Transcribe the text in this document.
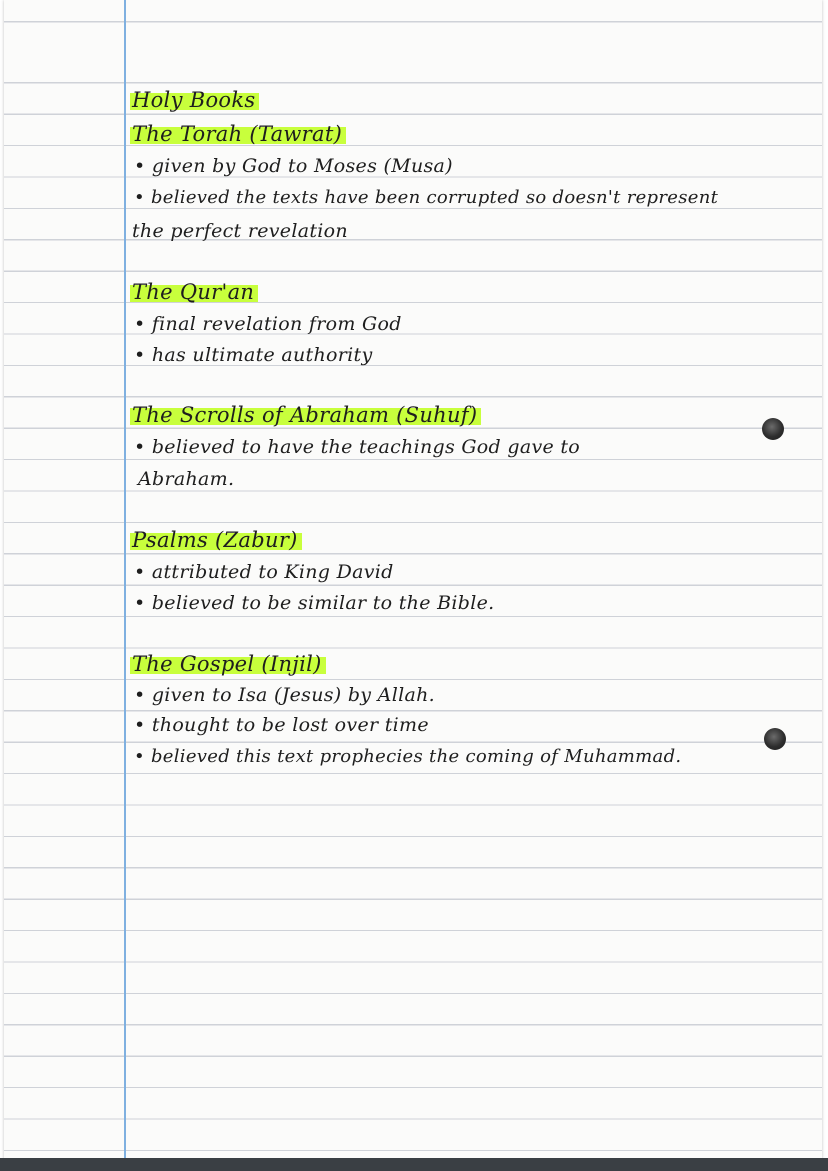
Holy Books
The Torah (Tawrat)
• given by God to Moses (Musa)
• believed the texts have been corrupted so doesn't represent
the perfect revelation
The Qur'an
• final revelation from God
• has ultimate authority
The Scrolls of Abraham (Suhuf)
• believed to have the teachings God gave to
Abraham.
Psalms (Zabur)
• attributed to King David
• believed to be similar to the Bible.
The Gospel (Injil)
• given to Isa (Jesus) by Allah.
• thought to be lost over time
• believed this text prophecies the coming of Muhammad.
